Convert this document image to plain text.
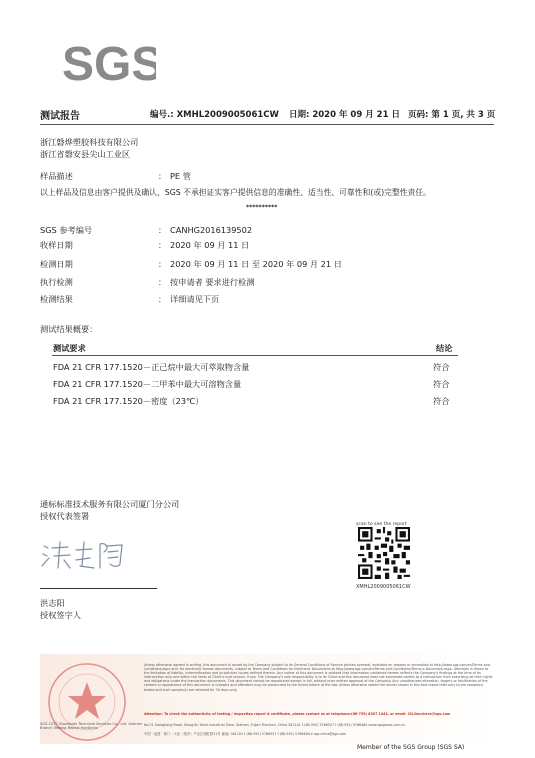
SGS
测试报告	编号.: XMHL2009005061CW 日期: 2020 年 09 月 21 日 页码: 第 1 页, 共 3 页
浙江磐烨塑胶科技有限公司
浙江省磐安县尖山工业区
样品描述	： PE 管
以上样品及信息由客户提供及确认，SGS 不承担证实客户提供信息的准确性、适当性、可靠性和(或)完整性责任。
**********
SGS 参考编号	： CANHG2016139502
收样日期	： 2020 年 09 月 11 日
检测日期	： 2020 年 09 月 11 日 至 2020 年 09 月 21 日
执行检测	： 按申请者 要求进行检测
检测结果	： 详细请见下页
测试结果概要：
测试要求	结论
FDA 21 CFR 177.1520－正己烷中最大可萃取物含量	符合
FDA 21 CFR 177.1520－二甲苯中最大可溶物含量	符合
FDA 21 CFR 177.1520－密度（23℃）	符合
通标标准技术服务有限公司厦门分公司
授权代表签署
洪志阳
授权签字人
scan to see the report
XMHL2009005061CW
SGS-CSTC Standards Technical Services Co., Ltd. Xiamen Branch Testing Report Hardlines
Unless otherwise agreed in writing, this document is issued by the Company subject to its General Conditions of Service printed overleaf, available on request or accessible at http://www.sgs.com/en/Terms-and-Conditions.aspx and, for electronic format documents, subject to Terms and Conditions for Electronic Documents at http://www.sgs.com/en/Terms-and-Conditions/Terms-e-Document.aspx. Attention is drawn to the limitation of liability, indemnification and jurisdiction issues defined therein. Any holder of this document is advised that information contained hereon reflects the Company's findings at the time of its intervention only and within the limits of Client's instructions, if any. The Company's sole responsibility is to its Client and this document does not exonerate parties to a transaction from exercising all their rights and obligations under the transaction documents. This document cannot be reproduced except in full, without prior written approval of the Company. Any unauthorized alteration, forgery or falsification of the content or appearance of this document is unlawful and offenders may be prosecuted to the fullest extent of the law. Unless otherwise stated the results shown in this test report refer only to the sample(s) tested and such sample(s) are retained for 30 days only.
Attention: To check the authenticity of testing / inspection report & certificate, please contact us at telephone:(86-755) 8307 1443, or email: CN.Doccheck@sgs.com
No.31 Xianghong Road, Xiang'An Torch Industrial Zone, Xiamen, Fujian Province, China 361101 t (86-592) 5766527 f (86-592) 5766460 www.sgsgroup.com.cn
中国・福建・厦门・火炬（翔安）产业区翔虹路31号 邮编: 361101 t (86-592) 5766527 f (86-592) 5766460 e sgs.china@sgs.com
Member of the SGS Group (SGS SA)
